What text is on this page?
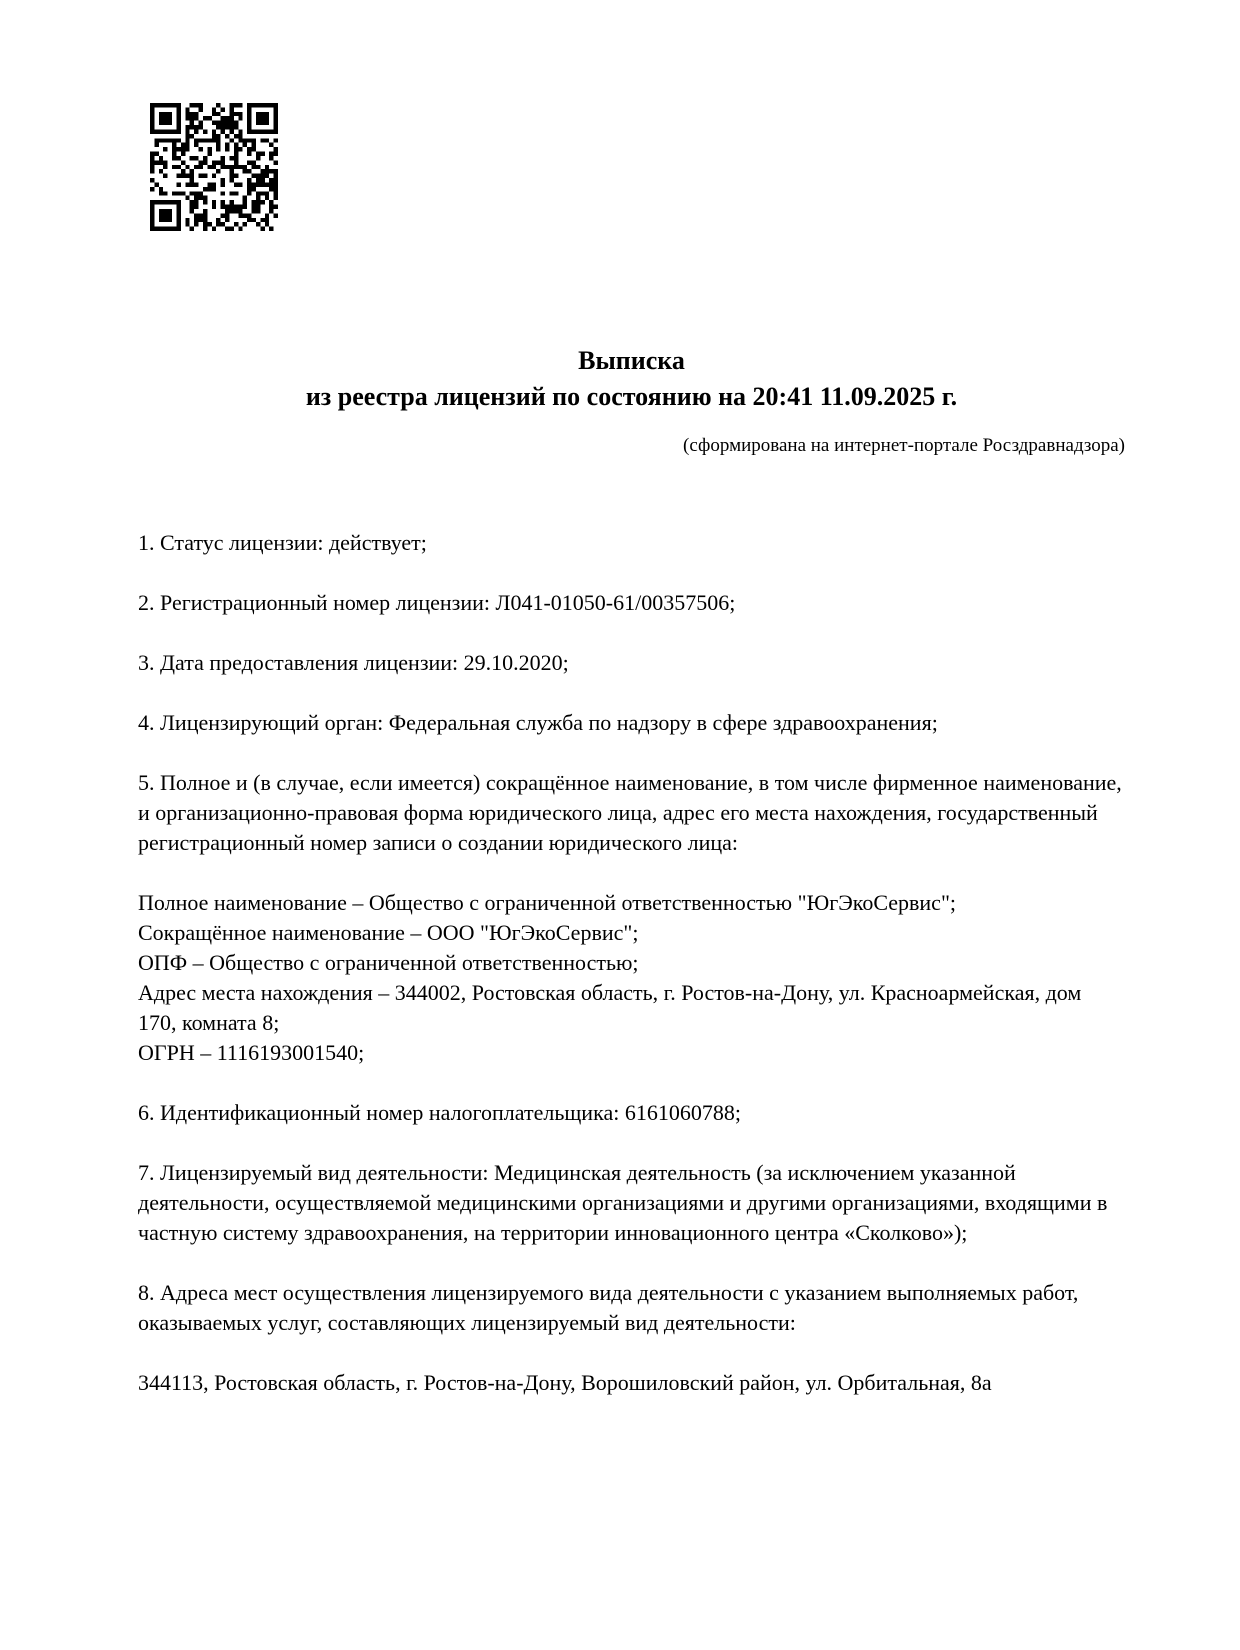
Выписка
из реестра лицензий по состоянию на 20:41 11.09.2025 г.
(сформирована на интернет-портале Росздравнадзора)

1. Статус лицензии: действует;

2. Регистрационный номер лицензии: Л041-01050-61/00357506;

3. Дата предоставления лицензии: 29.10.2020;

4. Лицензирующий орган: Федеральная служба по надзору в сфере здравоохранения;

5. Полное и (в случае, если имеется) сокращённое наименование, в том числе фирменное наименование, и организационно-правовая форма юридического лица, адрес его места нахождения, государственный регистрационный номер записи о создании юридического лица:

Полное наименование – Общество с ограниченной ответственностью "ЮгЭкоСервис";
Сокращённое наименование – ООО "ЮгЭкоСервис";
ОПФ – Общество с ограниченной ответственностью;
Адрес места нахождения – 344002, Ростовская область, г. Ростов-на-Дону, ул. Красноармейская, дом 170, комната 8;
ОГРН – 1116193001540;

6. Идентификационный номер налогоплательщика: 6161060788;

7. Лицензируемый вид деятельности: Медицинская деятельность (за исключением указанной деятельности, осуществляемой медицинскими организациями и другими организациями, входящими в частную систему здравоохранения, на территории инновационного центра «Сколково»);

8. Адреса мест осуществления лицензируемого вида деятельности с указанием выполняемых работ, оказываемых услуг, составляющих лицензируемый вид деятельности:

344113, Ростовская область, г. Ростов-на-Дону, Ворошиловский район, ул. Орбитальная, 8а
